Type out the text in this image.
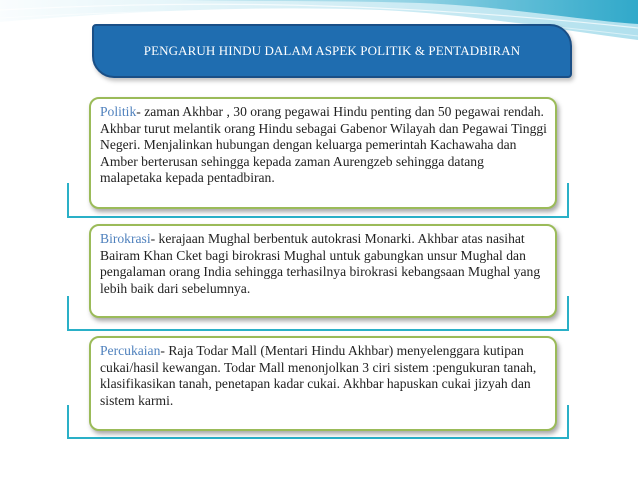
PENGARUH HINDU DALAM ASPEK POLITIK & PENTADBIRAN
Politik- zaman Akhbar , 30 orang pegawai Hindu penting dan 50 pegawai rendah. Akhbar turut melantik orang Hindu sebagai Gabenor Wilayah dan Pegawai Tinggi Negeri. Menjalinkan hubungan dengan keluarga pemerintah Kachawaha dan Amber berterusan sehingga kepada zaman Aurengzeb sehingga datang malapetaka kepada pentadbiran.
Birokrasi- kerajaan Mughal berbentuk autokrasi Monarki. Akhbar atas nasihat Bairam Khan Cket bagi birokrasi Mughal untuk gabungkan unsur Mughal dan pengalaman orang India sehingga terhasilnya birokrasi kebangsaan Mughal yang lebih baik dari sebelumnya.
Percukaian- Raja Todar Mall (Mentari Hindu Akhbar) menyelenggara kutipan cukai/hasil kewangan. Todar Mall menonjolkan 3 ciri sistem :pengukuran tanah, klasifikasikan tanah, penetapan kadar cukai. Akhbar hapuskan cukai jizyah dan sistem karmi.
